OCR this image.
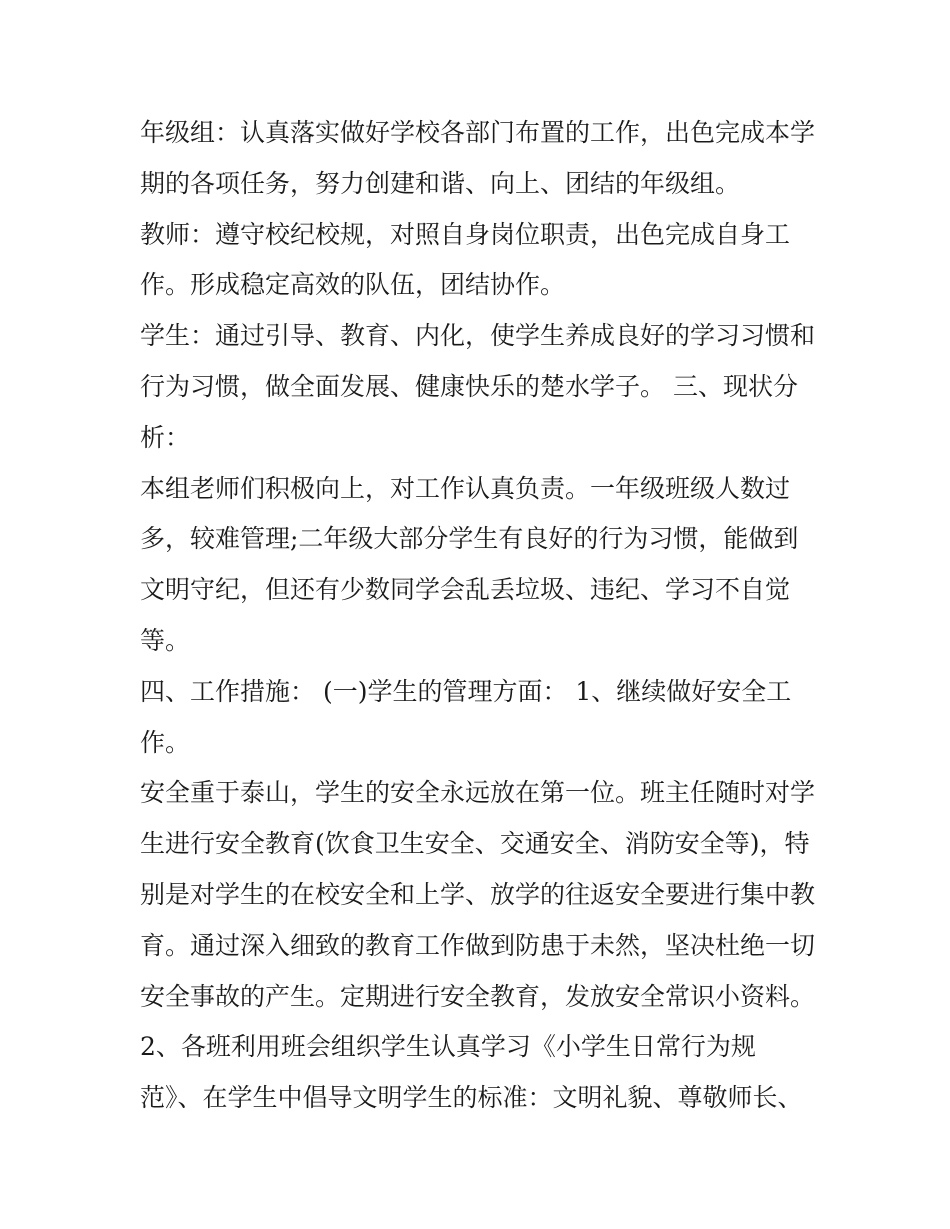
年级组：认真落实做好学校各部门布置的工作，出色完成本学
期的各项任务，努力创建和谐、向上、团结的年级组。
教师：遵守校纪校规，对照自身岗位职责，出色完成自身工
作。形成稳定高效的队伍，团结协作。
学生：通过引导、教育、内化，使学生养成良好的学习习惯和
行为习惯，做全面发展、健康快乐的楚水学子。 三、现状分
析：
本组老师们积极向上，对工作认真负责。一年级班级人数过
多，较难管理;二年级大部分学生有良好的行为习惯，能做到
文明守纪，但还有少数同学会乱丢垃圾、违纪、学习不自觉
等。
四、工作措施： (一)学生的管理方面： 1、继续做好安全工
作。
安全重于泰山，学生的安全永远放在第一位。班主任随时对学
生进行安全教育(饮食卫生安全、交通安全、消防安全等)，特
别是对学生的在校安全和上学、放学的往返安全要进行集中教
育。通过深入细致的教育工作做到防患于未然，坚决杜绝一切
安全事故的产生。定期进行安全教育，发放安全常识小资料。
2、各班利用班会组织学生认真学习《小学生日常行为规
范》、在学生中倡导文明学生的标准：文明礼貌、尊敬师长、
